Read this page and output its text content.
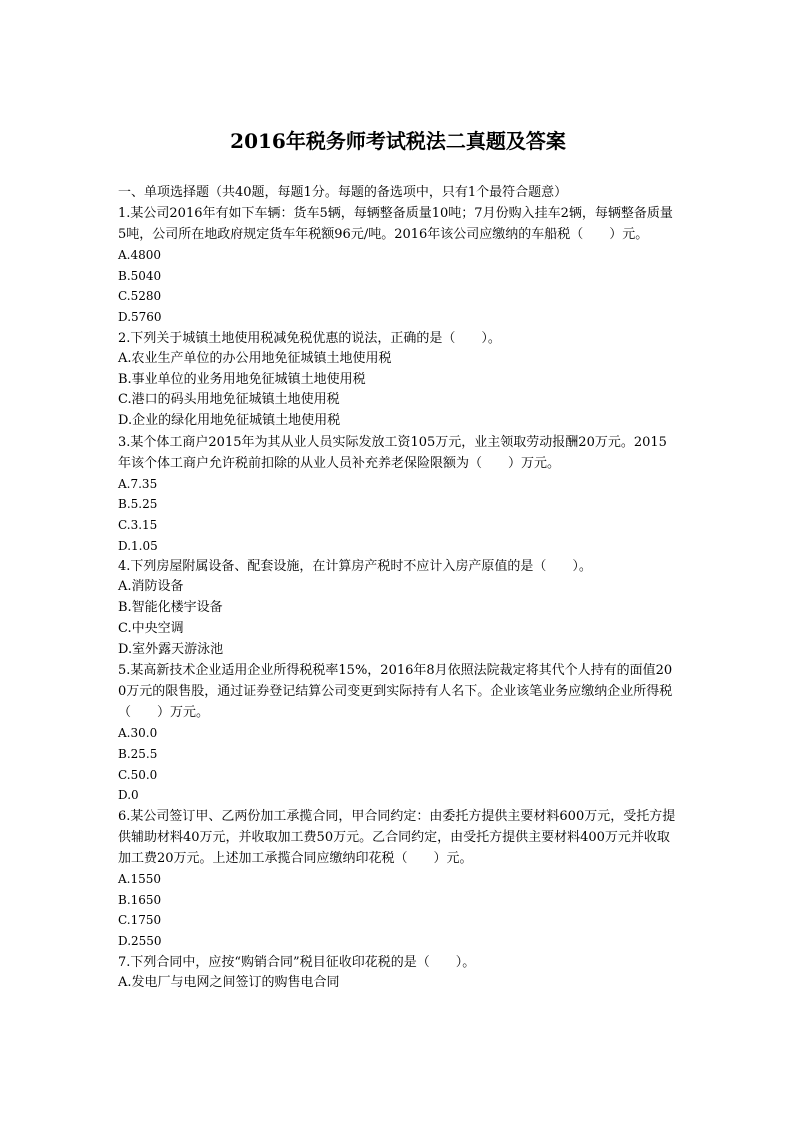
2016年税务师考试税法二真题及答案
一、单项选择题（共40题，每题1分。每题的备选项中，只有1个最符合题意）
1.某公司2016年有如下车辆：货车5辆，每辆整备质量10吨；7月份购入挂车2辆，每辆整备质量5吨，公司所在地政府规定货车年税额96元/吨。2016年该公司应缴纳的车船税（　　）元。
A.4800
B.5040
C.5280
D.5760
2.下列关于城镇土地使用税减免税优惠的说法，正确的是（　　）。
A.农业生产单位的办公用地免征城镇土地使用税
B.事业单位的业务用地免征城镇土地使用税
C.港口的码头用地免征城镇土地使用税
D.企业的绿化用地免征城镇土地使用税
3.某个体工商户2015年为其从业人员实际发放工资105万元，业主领取劳动报酬20万元。2015年该个体工商户允许税前扣除的从业人员补充养老保险限额为（　　）万元。
A.7.35
B.5.25
C.3.15
D.1.05
4.下列房屋附属设备、配套设施，在计算房产税时不应计入房产原值的是（　　）。
A.消防设备
B.智能化楼宇设备
C.中央空调
D.室外露天游泳池
5.某高新技术企业适用企业所得税税率15%，2016年8月依照法院裁定将其代个人持有的面值200万元的限售股，通过证券登记结算公司变更到实际持有人名下。企业该笔业务应缴纳企业所得税（　　）万元。
A.30.0
B.25.5
C.50.0
D.0
6.某公司签订甲、乙两份加工承揽合同，甲合同约定：由委托方提供主要材料600万元，受托方提供辅助材料40万元，并收取加工费50万元。乙合同约定，由受托方提供主要材料400万元并收取加工费20万元。上述加工承揽合同应缴纳印花税（　　）元。
A.1550
B.1650
C.1750
D.2550
7.下列合同中，应按“购销合同”税目征收印花税的是（　　）。
A.发电厂与电网之间签订的购售电合同
